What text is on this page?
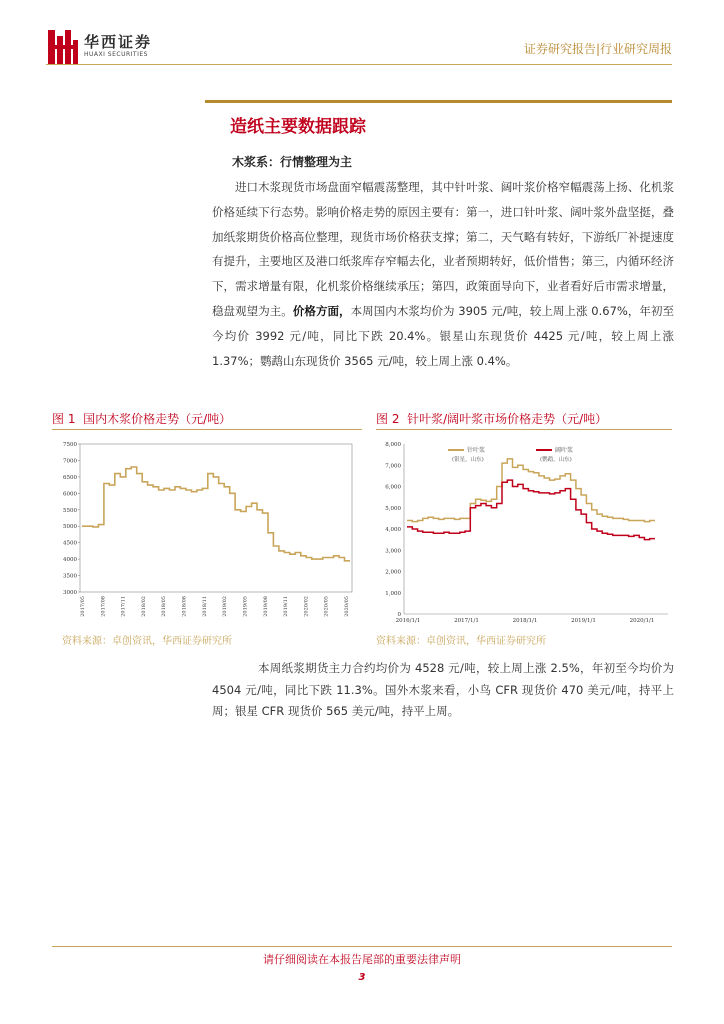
华西证券
HUAXI SECURITIES	证券研究报告|行业研究周报
造纸主要数据跟踪
木浆系：行情整理为主
进口木浆现货市场盘面窄幅震荡整理，其中针叶浆、阔叶浆价格窄幅震荡上扬、化机浆价格延续下行态势。影响价格走势的原因主要有：第一，进口针叶浆、阔叶浆外盘坚挺，叠加纸浆期货价格高位整理，现货市场价格获支撑；第二，天气略有转好，下游纸厂补提速度有提升，主要地区及港口纸浆库存窄幅去化，业者预期转好，低价惜售；第三，内循环经济下，需求增量有限，化机浆价格继续承压；第四，政策面导向下，业者看好后市需求增量，稳盘观望为主。价格方面，本周国内木浆均价为 3905 元/吨，较上周上涨 0.67%，年初至今均价 3992 元/吨，同比下跌 20.4%。银星山东现货价 4425 元/吨，较上周上涨 1.37%；鹦鹉山东现货价 3565 元/吨，较上周上涨 0.4%。
图 1 国内木浆价格走势（元/吨）
7500
7000
6500
6000
5500
5000
4500
4000
3500
3000
2017/05	2017/08	2017/11	2018/02	2018/05	2018/08	2018/11	2019/02	2019/05	2019/08	2019/11	2020/02	2020/05	2020/05
资料来源：卓创资讯，华西证券研究所
图 2 针叶浆/阔叶浆市场价格走势（元/吨）
8,000
7,000
6,000
5,000
4,000
3,000
2,000
1,000
0
2016/1/1	2017/1/1	2018/1/1	2019/1/1	2020/1/1
针叶浆
(银星，山东)
阔叶浆
(鹦鹉，山东)
资料来源：卓创资讯，华西证券研究所
本周纸浆期货主力合约均价为 4528 元/吨，较上周上涨 2.5%，年初至今均价为 4504 元/吨，同比下跌 11.3%。国外木浆来看，小鸟 CFR 现货价 470 美元/吨，持平上周；银星 CFR 现货价 565 美元/吨，持平上周。
请仔细阅读在本报告尾部的重要法律声明
3
